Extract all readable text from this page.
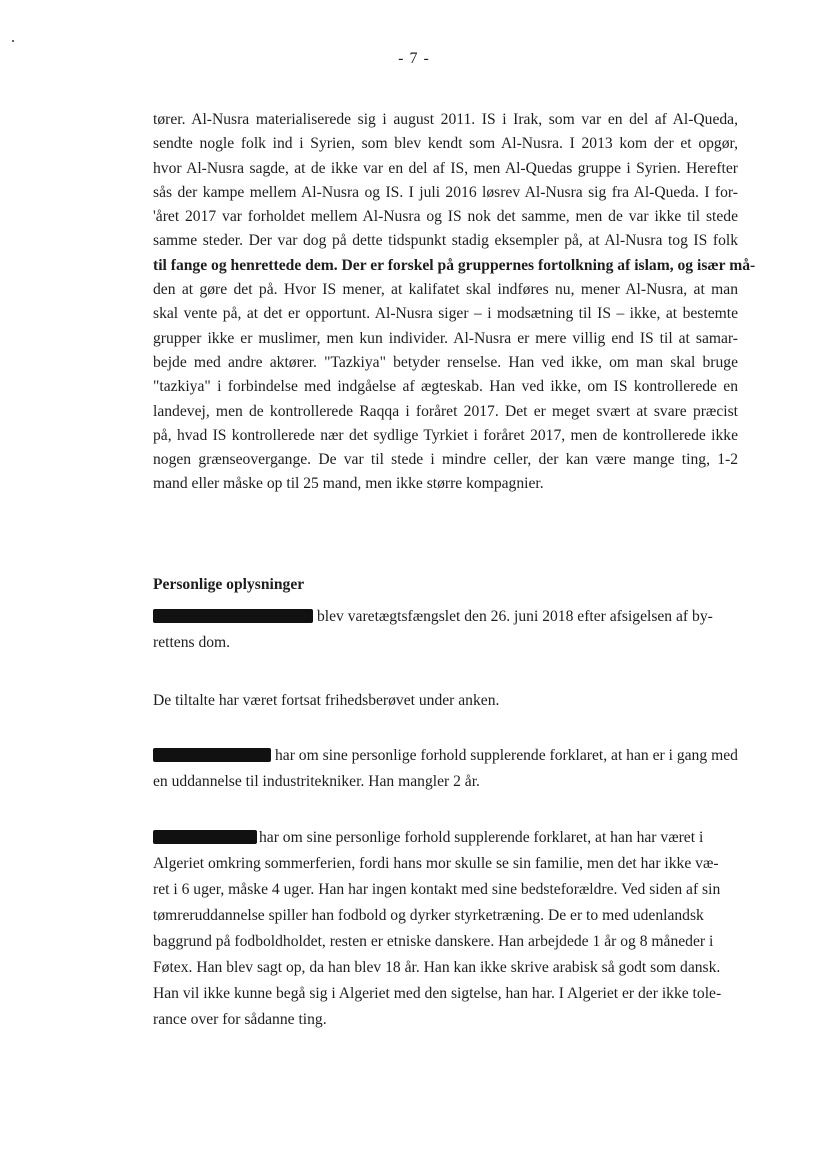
- 7 -
tører. Al-Nusra materialiserede sig i august 2011. IS i Irak, som var en del af Al-Queda,
sendte nogle folk ind i Syrien, som blev kendt som Al-Nusra. I 2013 kom der et opgør,
hvor Al-Nusra sagde, at de ikke var en del af IS, men Al-Quedas gruppe i Syrien. Herefter
sås der kampe mellem Al-Nusra og IS. I juli 2016 løsrev Al-Nusra sig fra Al-Queda. I for-
'året 2017 var forholdet mellem Al-Nusra og IS nok det samme, men de var ikke til stede
samme steder. Der var dog på dette tidspunkt stadig eksempler på, at Al-Nusra tog IS folk
til fange og henrettede dem. Der er forskel på gruppernes fortolkning af islam, og især må-
den at gøre det på. Hvor IS mener, at kalifatet skal indføres nu, mener Al-Nusra, at man
skal vente på, at det er opportunt. Al-Nusra siger – i modsætning til IS – ikke, at bestemte
grupper ikke er muslimer, men kun individer. Al-Nusra er mere villig end IS til at samar-
bejde med andre aktører. "Tazkiya" betyder renselse. Han ved ikke, om man skal bruge
"tazkiya" i forbindelse med indgåelse af ægteskab. Han ved ikke, om IS kontrollerede en
landevej, men de kontrollerede Raqqa i foråret 2017. Det er meget svært at svare præcist
på, hvad IS kontrollerede nær det sydlige Tyrkiet i foråret 2017, men de kontrollerede ikke
nogen grænseovergange. De var til stede i mindre celler, der kan være mange ting, 1-2
mand eller måske op til 25 mand, men ikke større kompagnier.
Personlige oplysninger
blev varetægtsfængslet den 26. juni 2018 efter afsigelsen af by- rettens dom.
De tiltalte har været fortsat frihedsberøvet under anken.
har om sine personlige forhold supplerende forklaret, at han er i gang med en uddannelse til industritekniker. Han mangler 2 år.
har om sine personlige forhold supplerende forklaret, at han har været i Algeriet omkring sommerferien, fordi hans mor skulle se sin familie, men det har ikke væ- ret i 6 uger, måske 4 uger. Han har ingen kontakt med sine bedsteforældre. Ved siden af sin tømreruddannelse spiller han fodbold og dyrker styrketræning. De er to med udenlandsk baggrund på fodboldholdet, resten er etniske danskere. Han arbejdede 1 år og 8 måneder i Føtex. Han blev sagt op, da han blev 18 år. Han kan ikke skrive arabisk så godt som dansk. Han vil ikke kunne begå sig i Algeriet med den sigtelse, han har. I Algeriet er der ikke tole- rance over for sådanne ting.
